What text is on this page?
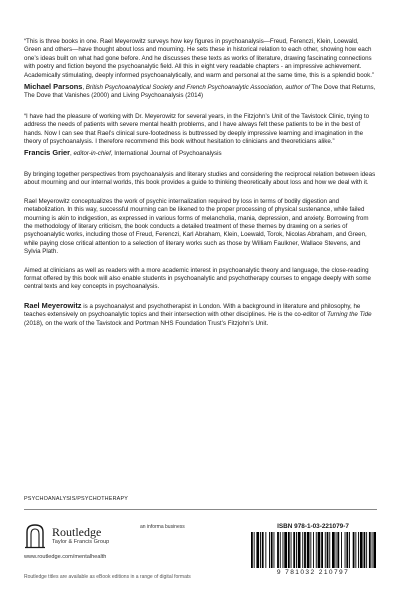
“This is three books in one. Rael Meyerowitz surveys how key figures in psychoanalysis—Freud, Ferenczi, Klein, Loewald, Green and others—have thought about loss and mourning. He sets these in historical relation to each other, showing how each one’s ideas built on what had gone before. And he discusses these texts as works of literature, drawing fascinating connections with poetry and fiction beyond the psychoanalytic field. All this in eight very readable chapters - an impressive achievement. Academically stimulating, deeply informed psychoanalytically, and warm and personal at the same time, this is a splendid book.”

Michael Parsons, British Psychoanalytical Society and French Psychoanalytic Association, author of The Dove that Returns, The Dove that Vanishes (2000) and Living Psychoanalysis (2014)

“I have had the pleasure of working with Dr. Meyerowitz for several years, in the Fitzjohn’s Unit of the Tavistock Clinic, trying to address the needs of patients with severe mental health problems, and I have always felt these patients to be in the best of hands. Now I can see that Rael’s clinical sure-footedness is buttressed by deeply impressive learning and imagination in the theory of psychoanalysis. I therefore recommend this book without hesitation to clinicians and theoreticians alike.”

Francis Grier, editor-in-chief, International Journal of Psychoanalysis

By bringing together perspectives from psychoanalysis and literary studies and considering the reciprocal relation between ideas about mourning and our internal worlds, this book provides a guide to thinking theoretically about loss and how we deal with it.

Rael Meyerowitz conceptualizes the work of psychic internalization required by loss in terms of bodily digestion and metabolization. In this way, successful mourning can be likened to the proper processing of physical sustenance, while failed mourning is akin to indigestion, as expressed in various forms of melancholia, mania, depression, and anxiety. Borrowing from the methodology of literary criticism, the book conducts a detailed treatment of these themes by drawing on a series of psychoanalytic works, including those of Freud, Ferenczi, Karl Abraham, Klein, Loewald, Torok, Nicolas Abraham, and Green, while paying close critical attention to a selection of literary works such as those by William Faulkner, Wallace Stevens, and Sylvia Plath.

Aimed at clinicians as well as readers with a more academic interest in psychoanalytic theory and language, the close-reading format offered by this book will also enable students in psychoanalytic and psychotherapy courses to engage deeply with some central texts and key concepts in psychoanalysis.

Rael Meyerowitz is a psychoanalyst and psychotherapist in London. With a background in literature and philosophy, he teaches extensively on psychoanalytic topics and their intersection with other disciplines. He is the co-editor of Turning the Tide (2018), on the work of the Tavistock and Portman NHS Foundation Trust’s Fitzjohn’s Unit.

PSYCHOANALYSIS/PSYCHOTHERAPY
Routledge
Taylor & Francis Group
www.routledge.com/mentalhealth
Routledge titles are available as eBook editions in a range of digital formats
an informa business	ISBN 978-1-03-221079-7
9 781032 210797
